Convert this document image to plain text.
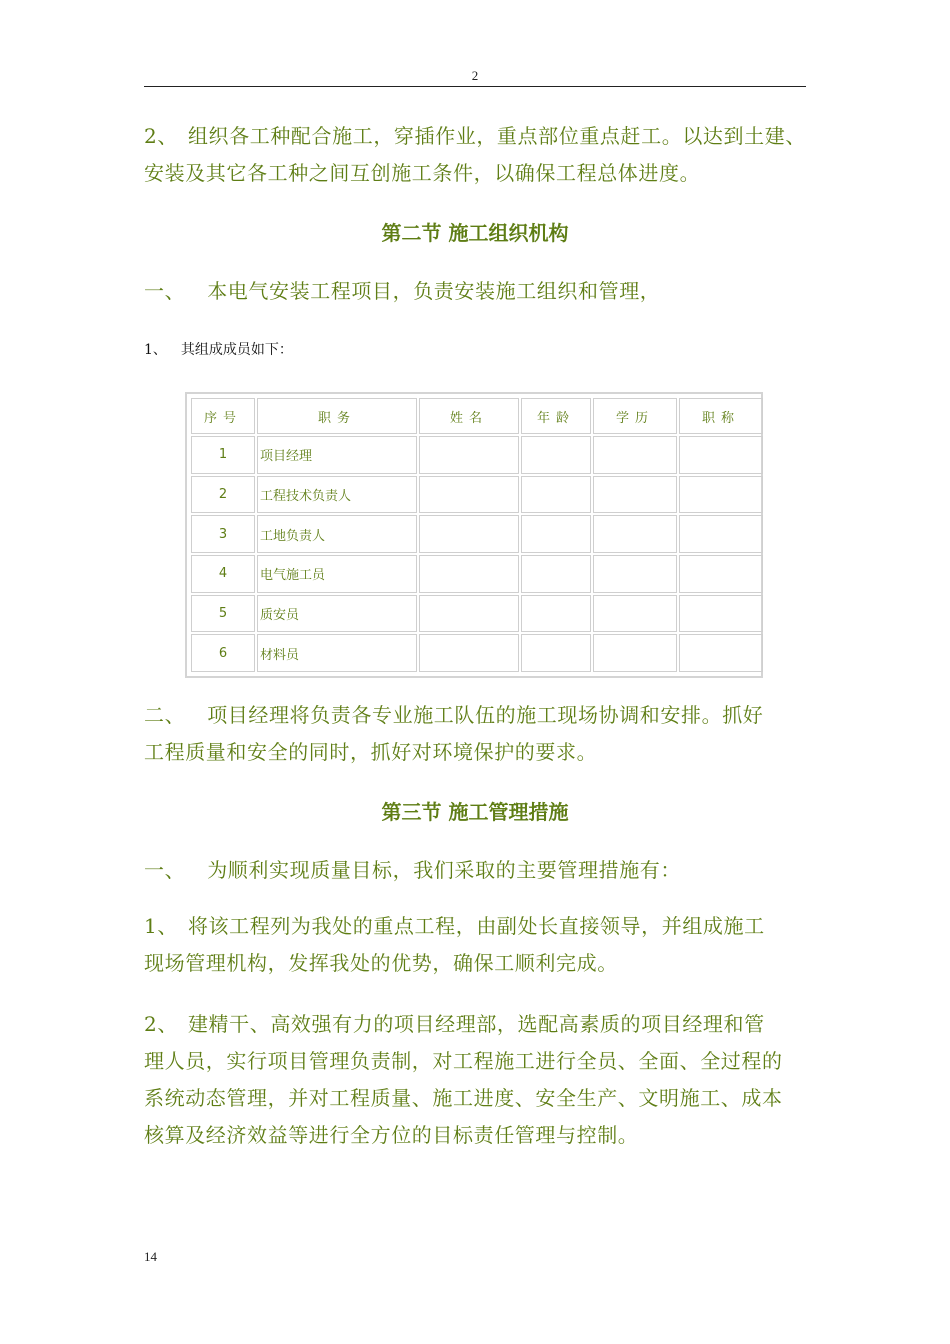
2
2、 组织各工种配合施工，穿插作业，重点部位重点赶工。以达到土建、
安装及其它各工种之间互创施工条件，以确保工程总体进度。
第二节 施工组织机构
一、 本电气安装工程项目，负责安装施工组织和管理，
1、 其组成成员如下：
序号	职务	姓名	年龄	学历	职称
1	项目经理				
2	工程技术负责人				
3	工地负责人				
4	电气施工员				
5	质安员				
6	材料员				
二、 项目经理将负责各专业施工队伍的施工现场协调和安排。抓好
工程质量和安全的同时，抓好对环境保护的要求。
第三节 施工管理措施
一、 为顺利实现质量目标，我们采取的主要管理措施有：
1、 将该工程列为我处的重点工程，由副处长直接领导，并组成施工
现场管理机构，发挥我处的优势，确保工顺利完成。
2、 建精干、高效强有力的项目经理部，选配高素质的项目经理和管
理人员，实行项目管理负责制，对工程施工进行全员、全面、全过程的
系统动态管理，并对工程质量、施工进度、安全生产、文明施工、成本
核算及经济效益等进行全方位的目标责任管理与控制。
14
